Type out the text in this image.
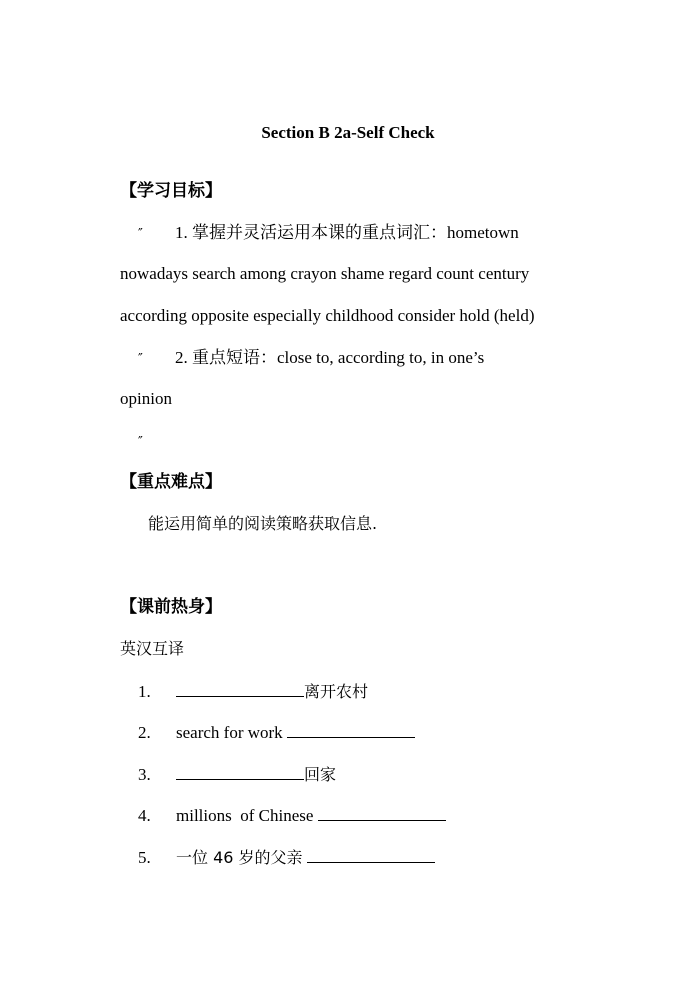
Section B 2a-Self Check
【学习目标】
″ 1. 掌握并灵活运用本课的重点词汇：hometown
nowadays search among crayon shame regard count century
according opposite especially childhood consider hold (held)
″ 2. 重点短语：close to, according to, in one’s
opinion
″
【重点难点】
能运用简单的阅读策略获取信息.
【课前热身】
英汉互译
1.	离开农村
2. search for work
3.	回家
4. millions  of Chinese
5. 一位 46 岁的父亲
